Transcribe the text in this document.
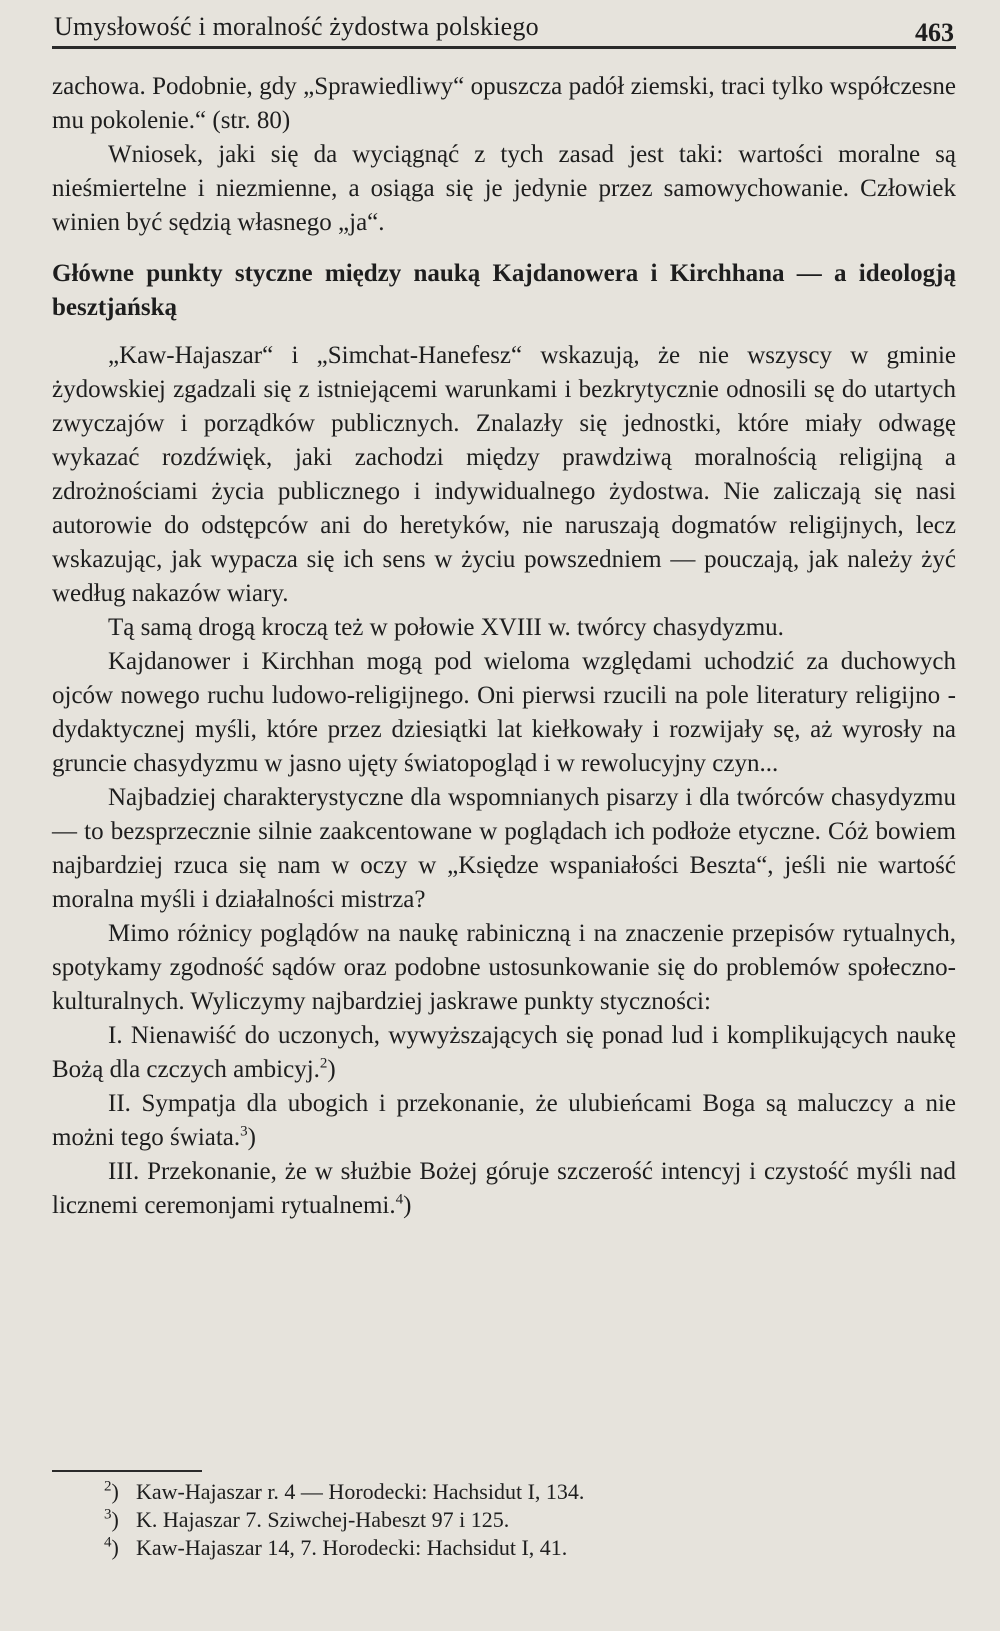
Umysłowość i moralność żydostwa polskiego	463

zachowa. Podobnie, gdy „Sprawiedliwy“ opuszcza padół ziemski, traci tylko współczesne mu pokolenie.“ (str. 80)

Wniosek, jaki się da wyciągnąć z tych zasad jest taki: wartości moralne są nieśmiertelne i niezmienne, a osiąga się je jedynie przez samowychowanie. Człowiek winien być sędzią własnego „ja“.

Główne punkty styczne między nauką Kajdanowera i Kirchhana — a ideologją besztjańską

„Kaw-Hajaszar“ i „Simchat-Hanefesz“ wskazują, że nie wszyscy w gminie żydowskiej zgadzali się z istniejącemi warunkami i bezkrytycznie odnosili sę do utartych zwyczajów i porządków publicznych. Znalazły się jednostki, które miały odwagę wykazać rozdźwięk, jaki zachodzi między prawdziwą moralnością religijną a zdrożnościami życia publicznego i indywidualnego żydostwa. Nie zaliczają się nasi autorowie do odstępców ani do heretyków, nie naruszają dogmatów religijnych, lecz wskazując, jak wypacza się ich sens w życiu powszedniem — pouczają, jak należy żyć według nakazów wiary.

Tą samą drogą kroczą też w połowie XVIII w. twórcy chasydyzmu.

Kajdanower i Kirchhan mogą pod wieloma względami uchodzić za duchowych ojców nowego ruchu ludowo-religijnego. Oni pierwsi rzucili na pole literatury religijno - dydaktycznej myśli, które przez dziesiątki lat kiełkowały i rozwijały sę, aż wyrosły na gruncie chasydyzmu w jasno ujęty światopogląd i w rewolucyjny czyn...

Najbadziej charakterystyczne dla wspomnianych pisarzy i dla twórców chasydyzmu — to bezsprzecznie silnie zaakcentowane w poglądach ich podłoże etyczne. Cóż bowiem najbardziej rzuca się nam w oczy w „Księdze wspaniałości Beszta“, jeśli nie wartość moralna myśli i działalności mistrza?

Mimo różnicy poglądów na naukę rabiniczną i na znaczenie przepisów rytualnych, spotykamy zgodność sądów oraz podobne ustosunkowanie się do problemów społeczno-kulturalnych. Wyliczymy najbardziej jaskrawe punkty styczności:

I. Nienawiść do uczonych, wywyższających się ponad lud i komplikujących naukę Bożą dla czczych ambicyj.$^2$)

II. Sympatja dla ubogich i przekonanie, że ulubieńcami Boga są maluczcy a nie możni tego świata.$^3$)

III. Przekonanie, że w służbie Bożej góruje szczerość intencyj i czystość myśli nad licznemi ceremonjami rytualnemi.$^4$)

$^2$) Kaw-Hajaszar r. 4 — Horodecki: Hachsidut I, 134.

$^3$) K. Hajaszar 7. Sziwchej-Habeszt 97 i 125.

$^4$) Kaw-Hajaszar 14, 7. Horodecki: Hachsidut I, 41.
